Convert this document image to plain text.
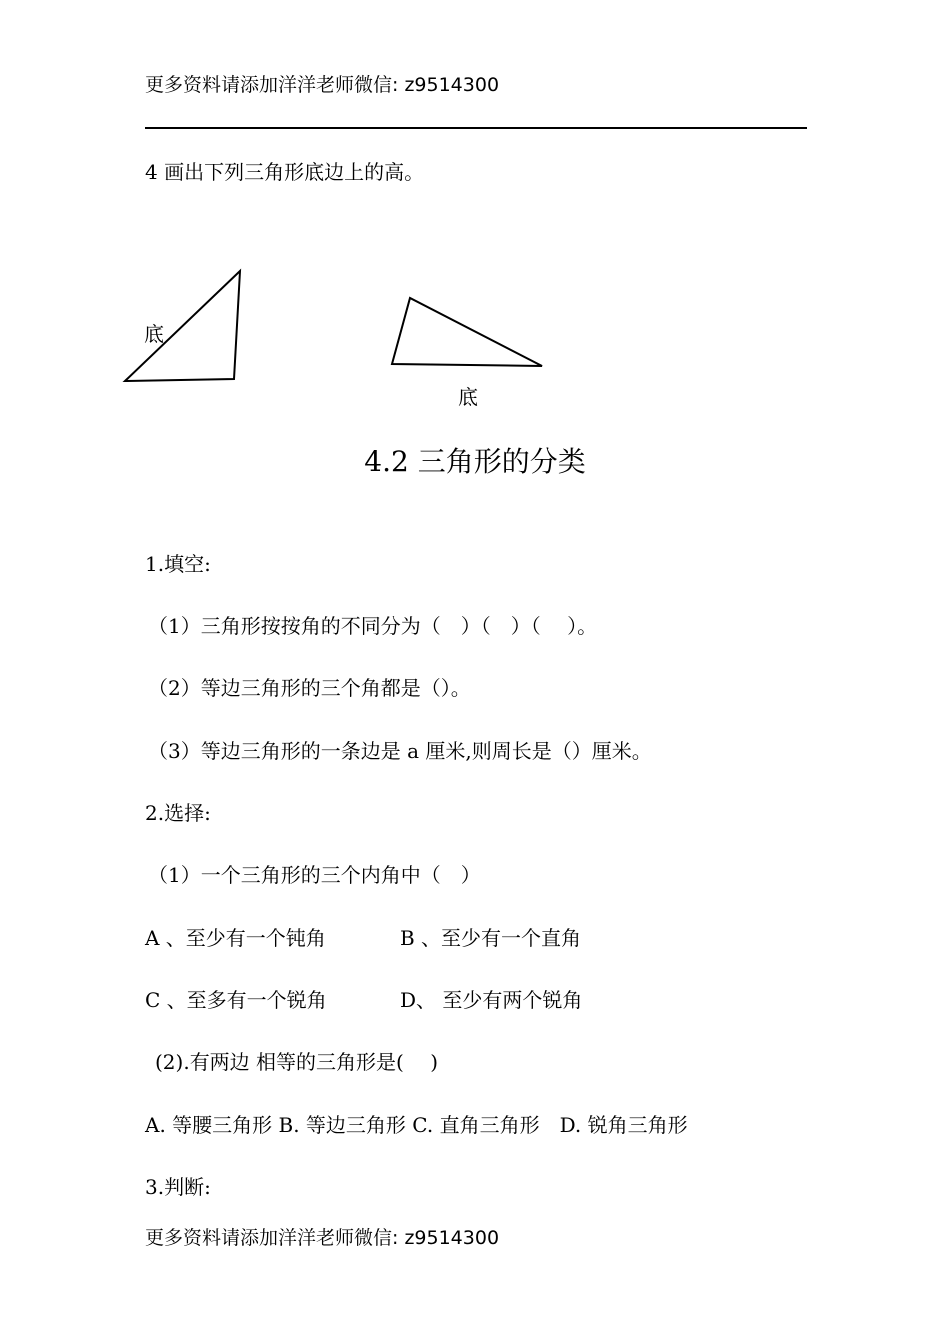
更多资料请添加洋洋老师微信: z9514300
4 画出下列三角形底边上的高。
底
底
4.2 三角形的分类
1.填空:
（1）三角形按按角的不同分为（　）（　）（　 ）。
（2）等边三角形的三个角都是（）。
（3）等边三角形的一条边是 a 厘米,则周长是（）厘米。
2.选择:
（1）一个三角形的三个内角中（　）
A 、至少有一个钝角	B 、至少有一个直角
C 、至多有一个锐角	D、 至少有两个锐角
(2).有两边 相等的三角形是(　 )
A. 等腰三角形 B. 等边三角形 C. 直角三角形　D. 锐角三角形
3.判断:
更多资料请添加洋洋老师微信: z9514300
